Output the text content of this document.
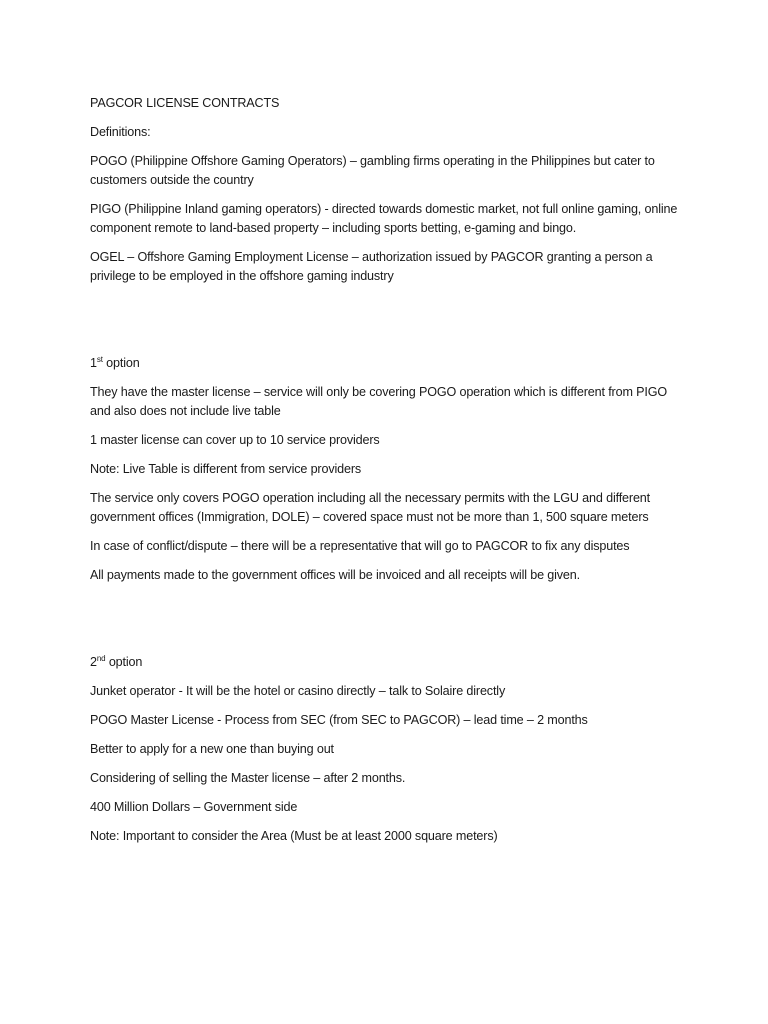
PAGCOR LICENSE CONTRACTS

Definitions:

POGO (Philippine Offshore Gaming Operators) – gambling firms operating in the Philippines but cater to customers outside the country

PIGO (Philippine Inland gaming operators) - directed towards domestic market, not full online gaming, online component remote to land-based property – including sports betting, e-gaming and bingo.

OGEL – Offshore Gaming Employment License – authorization issued by PAGCOR granting a person a privilege to be employed in the offshore gaming industry

1st option

They have the master license – service will only be covering POGO operation which is different from PIGO and also does not include live table

1 master license can cover up to 10 service providers

Note: Live Table is different from service providers

The service only covers POGO operation including all the necessary permits with the LGU and different government offices (Immigration, DOLE) – covered space must not be more than 1, 500 square meters

In case of conflict/dispute – there will be a representative that will go to PAGCOR to fix any disputes

All payments made to the government offices will be invoiced and all receipts will be given.

2nd option

Junket operator - It will be the hotel or casino directly – talk to Solaire directly

POGO Master License - Process from SEC (from SEC to PAGCOR) – lead time – 2 months

Better to apply for a new one than buying out

Considering of selling the Master license – after 2 months.

400 Million Dollars – Government side

Note: Important to consider the Area (Must be at least 2000 square meters)
